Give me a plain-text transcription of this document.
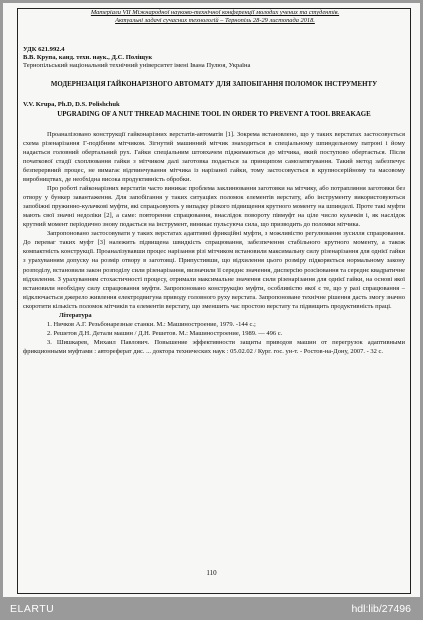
Матеріали VII Міжнародної науково-технічної конференції молодих учених та студентів.
Актуальні задачі сучасних технологій – Тернопіль 28-29 листопада 2018.
УДК 621.992.4
В.В. Крупа, канд. техн. наук., Д.С. Поліщук
Тернопільський національний технічний університет імені Івана Пулюя, Україна
МОДЕРНІЗАЦІЯ ГАЙКОНАРІЗНОГО АВТОМАТУ ДЛЯ ЗАПОБІГАННЯ ПОЛОМОК ІНСТРУМЕНТУ
V.V. Krupa, Ph.D, D.S. Polishchuk
UPGRADING OF A NUT THREAD MACHINE TOOL IN ORDER TO PREVENT A TOOL BREAKAGE

Проаналізовано конструкції гайконарізних верстатів-автоматів [1]. Зокрема встановлено, що у таких верстатах застосовується схема різенарізання Г-подібним мітчиком. Зігнутий машинний мітчик знаходиться в спеціальному шпиндельному патроні і йому надається головний обертальний рух. Гайки спеціальним штовхачем піджимаються до мітчика, який поступово обертається. Після початкової стадії схоплювання гайки з мітчиком далі заготовка подається за принципом самозатягування. Такий метод забезпечує безперервний процес, не вимагає відгвинчування мітчика із нарізаної гайки, тому застосовується в крупносерійному та масовому виробництвах, де необхідна висока продуктивність обробки.

Про роботі гайконарізних верстатів часто виникає проблема заклинювання заготовки на мітчику, або потрапляння заготовки без отвору у бункер завантаження. Для запобігання у таких ситуаціях поломок елементів верстату, або інструменту використовуються запобіжні пружинно-кулачкові муфти, які спрацьовують у випадку різкого підвищення крутного моменту на шпинделі. Проте такі муфти мають свої значні недоліки [2], а саме: повторення спрацювання, внаслідок повороту півмуфт на ціле число кулачків і, як наслідок крутний момент періодично знову подається на інструмент, виникає пульсуюча сила, що призводить до поломки мітчика.

Запропоновано застосовувати у таких верстатах адаптивні фрикційні муфти, з можливістю регулювання зусилля спрацювання. До переваг таких муфт [3] належить підвищена швидкість спрацювання, забезпечення стабільного крутного моменту, а також компактність конструкції. Проаналізувавши процес нарізання різі мітчиком встановили максимальну силу різенарізання для однієї гайки з урахуванням допуску на розмір отвору в заготовці. Припустивши, що відхилення цього розміру підкоряється нормальному закону розподілу, встановили закон розподілу сили різенарізання, визначили її середнє значення, дисперсію розсіювання та середнє квадратичне відхилення. З урахуванням стохастичності процесу, отримали максимальне значення сили різенарізання для однієї гайки, на основі якої встановили необхідну силу спрацювання муфти. Запропоновано конструкцію муфти, особливістю якої є те, що у разі спрацювання – відключається джерело живлення електродвигуна приводу головного руху верстата. Запропоноване технічне рішення дасть змогу значно скоротити кількість поломок мітчиків та елементів верстату, що зменшить час простою верстату та підвищить продуктивність праці.

Література

1. Ничков А.Г. Резьбонарезные станки. М.: Машиностроение, 1979. -144 с.;

2. Решетов Д.Н. Детали машин / Д.Н. Решетов. М.: Машиностроение, 1989. — 496 с.

3. Шишкарев, Михаил Павлович. Повышение эффективности защиты приводов машин от перегрузок адаптивными фрикционными муфтами : автореферат дис. ... доктора технических наук : 05.02.02 / Кург. гос. ун-т. - Ростов-на-Дону, 2007. - 32 с.

110
ELARTU	hdl:lib/27496
